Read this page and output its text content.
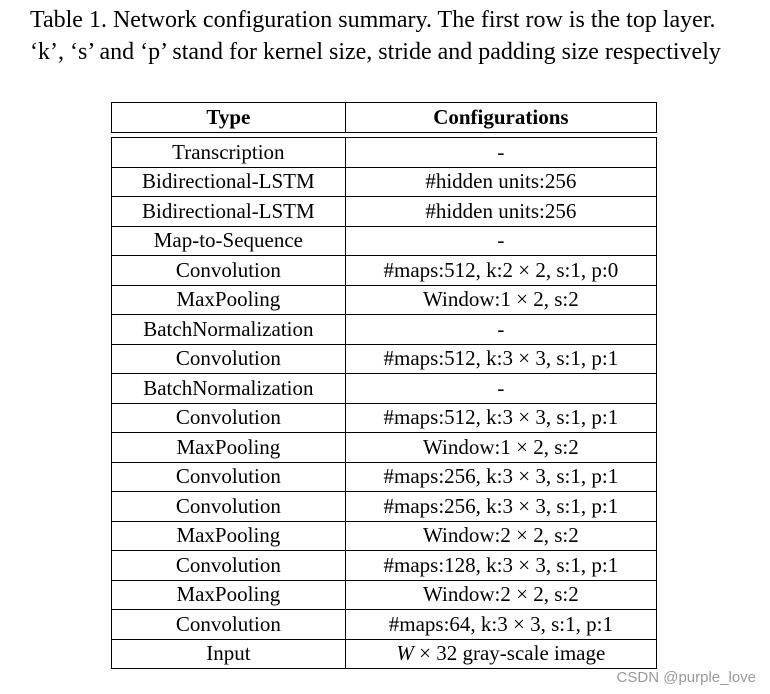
Table 1. Network configuration summary. The first row is the top layer. ‘k’, ‘s’ and ‘p’ stand for kernel size, stride and padding size respectively

Type	Configurations

Transcription	-
Bidirectional-LSTM	#hidden units:256
Bidirectional-LSTM	#hidden units:256
Map-to-Sequence	-
Convolution	#maps:512, k:2 × 2, s:1, p:0
MaxPooling	Window:1 × 2, s:2
BatchNormalization	-
Convolution	#maps:512, k:3 × 3, s:1, p:1
BatchNormalization	-
Convolution	#maps:512, k:3 × 3, s:1, p:1
MaxPooling	Window:1 × 2, s:2
Convolution	#maps:256, k:3 × 3, s:1, p:1
Convolution	#maps:256, k:3 × 3, s:1, p:1
MaxPooling	Window:2 × 2, s:2
Convolution	#maps:128, k:3 × 3, s:1, p:1
MaxPooling	Window:2 × 2, s:2
Convolution	#maps:64, k:3 × 3, s:1, p:1
Input	W × 32 gray-scale image
CSDN @purple_love
